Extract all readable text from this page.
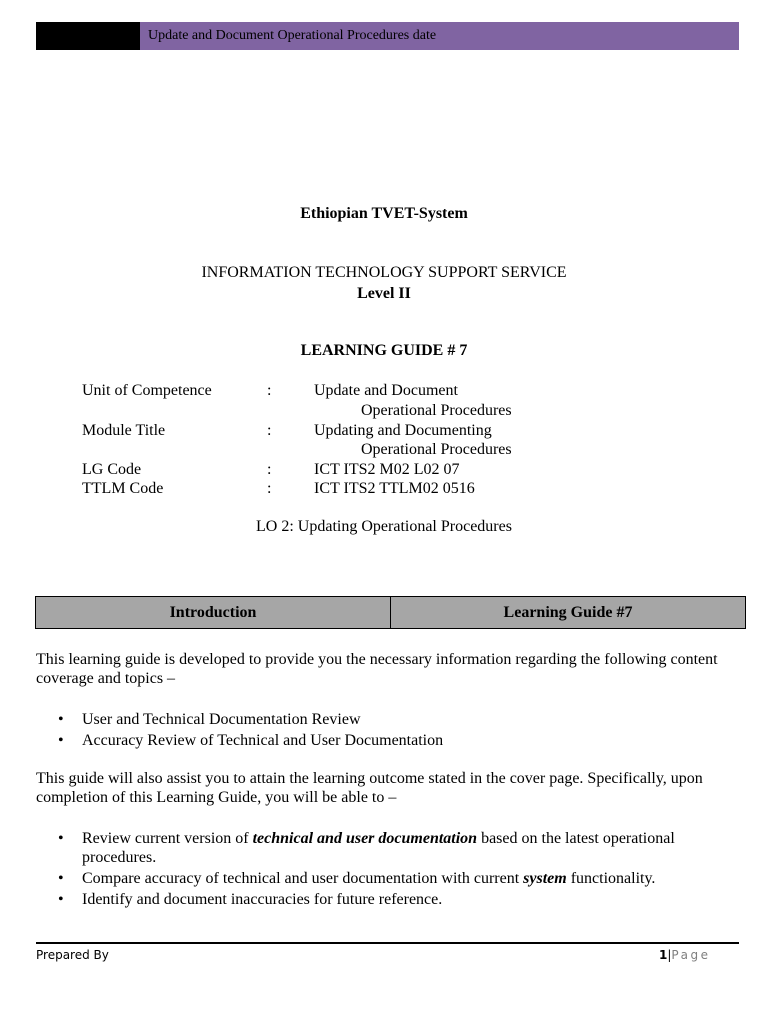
Update and Document Operational Procedures date
Ethiopian TVET-System
INFORMATION TECHNOLOGY SUPPORT SERVICE
Level II
LEARNING GUIDE # 7
Unit of Competence	:	Update and Document
Operational Procedures
Module Title	:	Updating and Documenting
Operational Procedures
LG Code	:	ICT ITS2 M02 L02 07
TTLM Code	:	ICT ITS2 TTLM02 0516
LO 2: Updating Operational Procedures
Introduction	Learning Guide #7
This learning guide is developed to provide you the necessary information regarding the following content coverage and topics –
• User and Technical Documentation Review
• Accuracy Review of Technical and User Documentation
This guide will also assist you to attain the learning outcome stated in the cover page. Specifically, upon completion of this Learning Guide, you will be able to –
• Review current version of technical and user documentation based on the latest operational procedures.
• Compare accuracy of technical and user documentation with current system functionality.
• Identify and document inaccuracies for future reference.
Prepared By	1|Page
